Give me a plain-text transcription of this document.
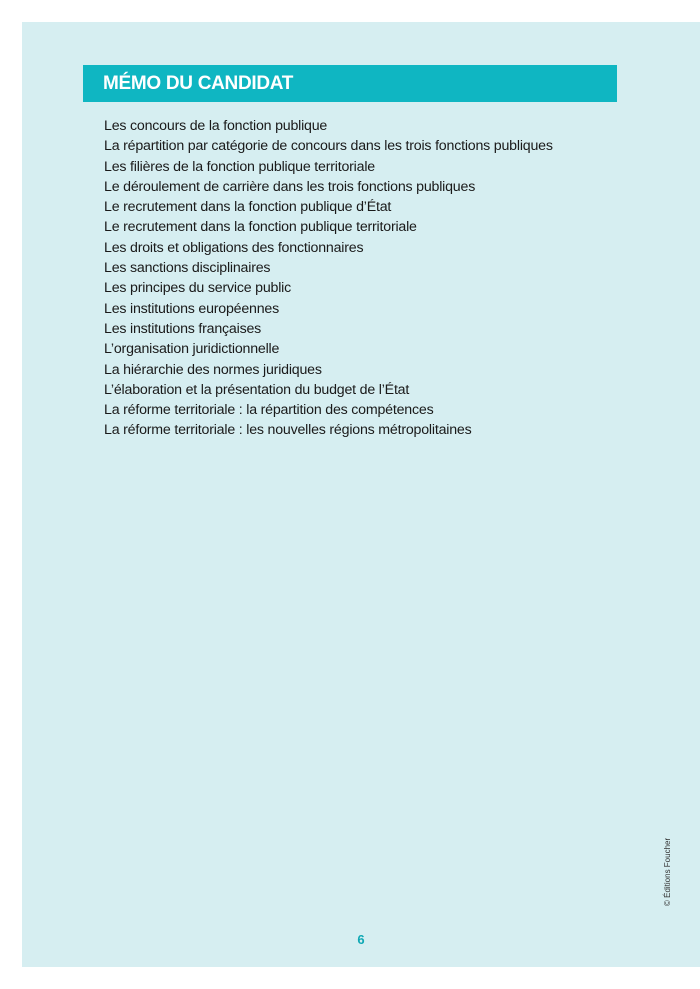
MÉMO DU CANDIDAT
Les concours de la fonction publique
La répartition par catégorie de concours dans les trois fonctions publiques
Les filières de la fonction publique territoriale
Le déroulement de carrière dans les trois fonctions publiques
Le recrutement dans la fonction publique d’État
Le recrutement dans la fonction publique territoriale
Les droits et obligations des fonctionnaires
Les sanctions disciplinaires
Les principes du service public
Les institutions européennes
Les institutions françaises
L’organisation juridictionnelle
La hiérarchie des normes juridiques
L’élaboration et la présentation du budget de l’État
La réforme territoriale : la répartition des compétences
La réforme territoriale : les nouvelles régions métropolitaines
© Éditions Foucher
6
